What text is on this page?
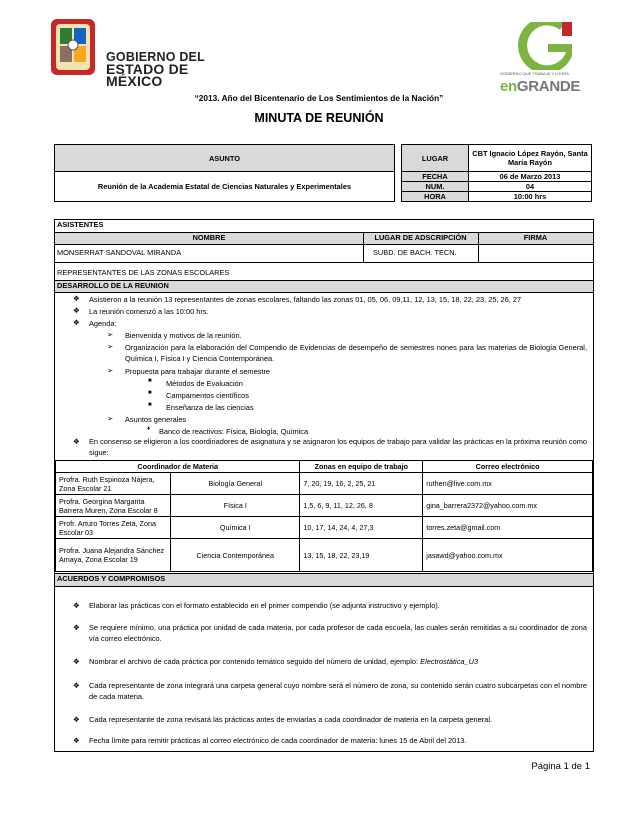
GOBIERNO DEL
ESTADO DE MÉXICO	GOBIERNO QUE TRABAJA Y LOGRA
enGRANDE
“2013. Año del Bicentenario de Los Sentimientos de la Nación”
MINUTA DE REUNIÓN
ASUNTO		LUGAR	CBT Ignacio López Rayón, Santa María Rayón
Reunión de la Academia Estatal de Ciencias Naturales y Experimentales		FECHA	06 de Marzo 2013
		NUM.	04
		HORA	10:00 hrs
ASISTENTES
NOMBRE	LUGAR DE ADSCRIPCIÓN	FIRMA
MONSERRAT SANDOVAL MIRANDA	SUBD. DE BACH. TECN.
REPRESENTANTES DE LAS ZONAS ESCOLARES
DESARROLLO DE LA REUNION
❖ Asistieron a la reunión 13 representantes de zonas escolares, faltando las zonas 01, 05, 06, 09,11, 12, 13, 15, 18, 22, 23, 25, 26, 27
❖ La reunión comenzó a las 10:00 hrs.
❖ Agenda:
➢ Bienvenida y motivos de la reunión.
➢ Organización para la elaboración del Compendio de Evidencias de desempeño de semestres nones para las materias de Biología General, Química I, Física I y Ciencia Contemporánea.
➢ Propuesta para trabajar durante el semestre
■ Métodos de Evaluación
■ Campamentos científicos
■ Enseñanza de las ciencias
➢ Asuntos generales
♦ Banco de reactivos: Física, Biología, Química
❖ En consenso se eligieron a los coordinadores de asignatura y se asignaron los equipos de trabajo para validar las prácticas en la próxima reunión como sigue:
Coordinador de Materia		Zonas en equipo de trabajo	Correo electrónico
Profra. Ruth Espinoza Nájera, Zona Escolar 21	Biología General	7, 20, 19, 16, 2, 25, 21	ruthen@live.com.mx
Profra. Georgina Margarita Barrera Muren, Zona Escolar 8	Física I	1,5, 6, 9, 11, 12, 26, 8	gina_barrera2372@yahoo.com.mx
Profr. Arturo Torres Zeta, Zona Escolar 03	Química I	10, 17, 14, 24, 4, 27,3	torres.zeta@gmail.com
Profra. Juana Alejandra Sánchez Amaya, Zona Escolar 19	Ciencia Contemporánea	13, 15, 18, 22, 23,19	jasawd@yahoo.com.mx
ACUERDOS Y COMPROMISOS
❖ Elaborar las prácticas con el formato establecido en el primer compendio (se adjunta instructivo y ejemplo).
❖ Se requiere mínimo, una práctica por unidad de cada materia, por cada profesor de cada escuela, las cuales serán remitidas a su coordinador de zona vía correo electrónico.
❖ Nombrar el archivo de cada práctica por contenido temático seguido del número de unidad, ejemplo: Electrostática_U3
❖ Cada representante de zona integrará una carpeta general cuyo nombre será el número de zona, su contenido serán cuatro subcarpetas con el nombre de cada materia.
❖ Cada representante de zona revisará las prácticas antes de enviarlas a cada coordinador de materia en la carpeta general.
❖ Fecha límite para remitir prácticas al correo electrónico de cada coordinador de materia: lunes 15 de Abril del 2013.
Página 1 de 1
